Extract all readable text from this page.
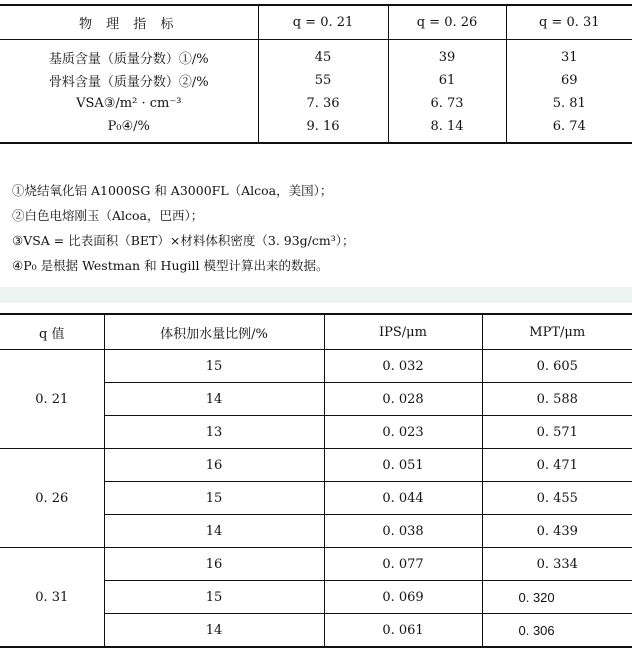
物 理 指 标	q = 0. 21	q = 0. 26	q = 0. 31
基质含量（质量分数）①/%	45	39	31
骨料含量（质量分数）②/%	55	61	69
VSA③/m² · cm⁻³	7. 36	6. 73	5. 81
P₀④/%	9. 16	8. 14	6. 74
①烧结氧化铝 A1000SG 和 A3000FL（Alcoa，美国）；
②白色电熔刚玉（Alcoa，巴西）；
③VSA = 比表面积（BET）×材料体积密度（3. 93g/cm³）；
④P₀ 是根据 Westman 和 Hugill 模型计算出来的数据。
q 值	体积加水量比例/%	IPS/μm	MPT/μm
0. 21	15	0. 032	0. 605
	14	0. 028	0. 588
	13	0. 023	0. 571
0. 26	16	0. 051	0. 471
	15	0. 044	0. 455
	14	0. 038	0. 439
0. 31	16	0. 077	0. 334
	15	0. 069	0. 320
	14	0. 061	0. 306
